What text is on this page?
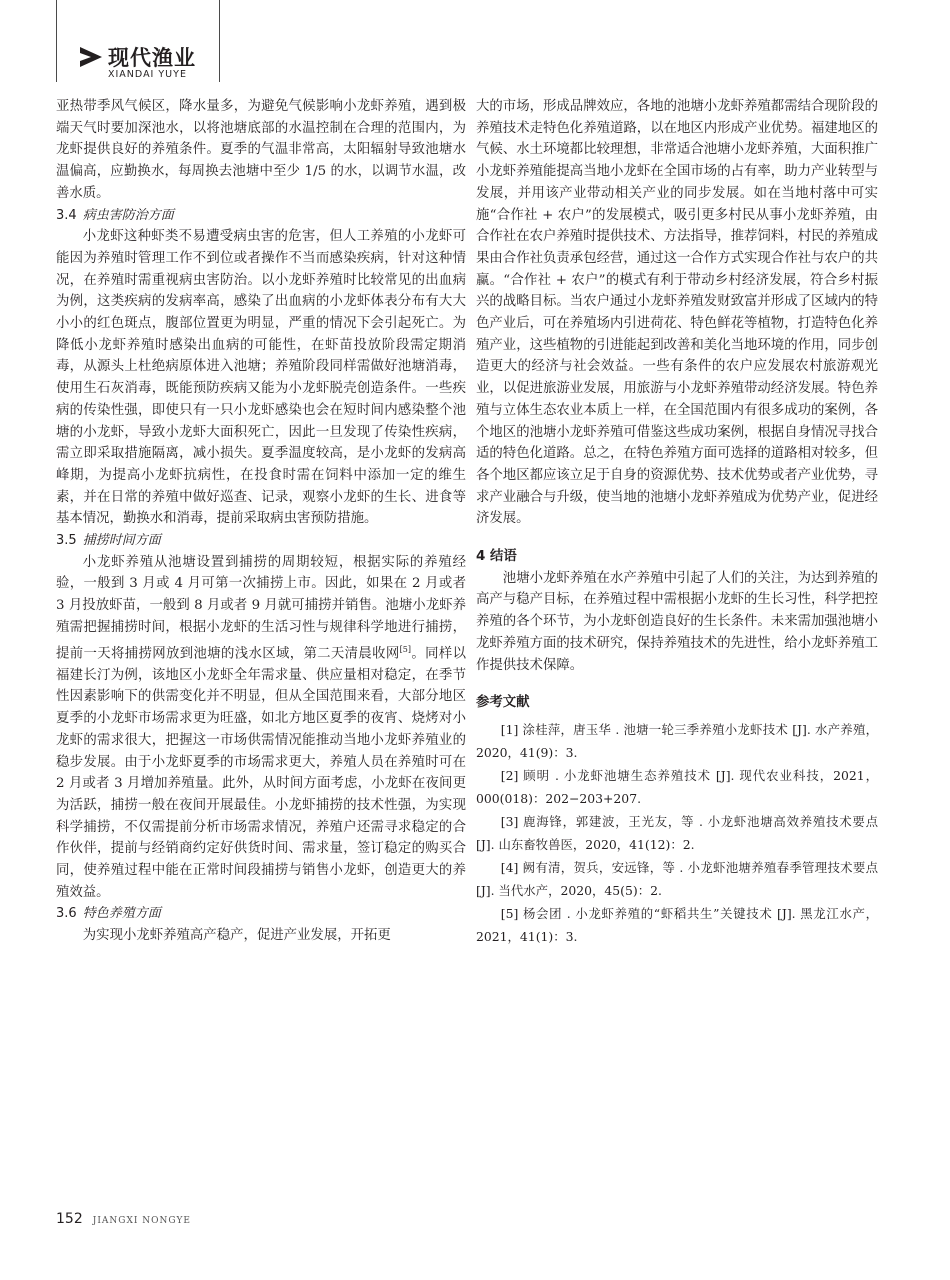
现代渔业
XIANDAI YUYE

亚热带季风气候区，降水量多，为避免气候影响小龙虾养殖，遇到极端天气时要加深池水，以将池塘底部的水温控制在合理的范围内，为龙虾提供良好的养殖条件。夏季的气温非常高，太阳辐射导致池塘水温偏高，应勤换水，每周换去池塘中至少 1/5 的水，以调节水温，改善水质。

3.4 病虫害防治方面

小龙虾这种虾类不易遭受病虫害的危害，但人工养殖的小龙虾可能因为养殖时管理工作不到位或者操作不当而感染疾病，针对这种情况，在养殖时需重视病虫害防治。以小龙虾养殖时比较常见的出血病为例，这类疾病的发病率高，感染了出血病的小龙虾体表分布有大大小小的红色斑点，腹部位置更为明显，严重的情况下会引起死亡。为降低小龙虾养殖时感染出血病的可能性，在虾苗投放阶段需定期消毒，从源头上杜绝病原体进入池塘；养殖阶段同样需做好池塘消毒，使用生石灰消毒，既能预防疾病又能为小龙虾脱壳创造条件。一些疾病的传染性强，即使只有一只小龙虾感染也会在短时间内感染整个池塘的小龙虾，导致小龙虾大面积死亡，因此一旦发现了传染性疾病，需立即采取措施隔离，减小损失。夏季温度较高，是小龙虾的发病高峰期，为提高小龙虾抗病性，在投食时需在饲料中添加一定的维生素，并在日常的养殖中做好巡查、记录，观察小龙虾的生长、进食等基本情况，勤换水和消毒，提前采取病虫害预防措施。

3.5 捕捞时间方面

小龙虾养殖从池塘设置到捕捞的周期较短，根据实际的养殖经验，一般到 3 月或 4 月可第一次捕捞上市。因此，如果在 2 月或者 3 月投放虾苗，一般到 8 月或者 9 月就可捕捞并销售。池塘小龙虾养殖需把握捕捞时间，根据小龙虾的生活习性与规律科学地进行捕捞，提前一天将捕捞网放到池塘的浅水区域，第二天清晨收网[5]。同样以福建长汀为例，该地区小龙虾全年需求量、供应量相对稳定，在季节性因素影响下的供需变化并不明显，但从全国范围来看，大部分地区夏季的小龙虾市场需求更为旺盛，如北方地区夏季的夜宵、烧烤对小龙虾的需求很大，把握这一市场供需情况能推动当地小龙虾养殖业的稳步发展。由于小龙虾夏季的市场需求更大，养殖人员在养殖时可在 2 月或者 3 月增加养殖量。此外，从时间方面考虑，小龙虾在夜间更为活跃，捕捞一般在夜间开展最佳。小龙虾捕捞的技术性强，为实现科学捕捞，不仅需提前分析市场需求情况，养殖户还需寻求稳定的合作伙伴，提前与经销商约定好供货时间、需求量，签订稳定的购买合同，使养殖过程中能在正常时间段捕捞与销售小龙虾，创造更大的养殖效益。

3.6 特色养殖方面

为实现小龙虾养殖高产稳产，促进产业发展，开拓更

大的市场，形成品牌效应，各地的池塘小龙虾养殖都需结合现阶段的养殖技术走特色化养殖道路，以在地区内形成产业优势。福建地区的气候、水土环境都比较理想，非常适合池塘小龙虾养殖，大面积推广小龙虾养殖能提高当地小龙虾在全国市场的占有率，助力产业转型与发展，并用该产业带动相关产业的同步发展。如在当地村落中可实施“合作社 + 农户”的发展模式，吸引更多村民从事小龙虾养殖，由合作社在农户养殖时提供技术、方法指导，推荐饲料，村民的养殖成果由合作社负责承包经营，通过这一合作方式实现合作社与农户的共赢。“合作社 + 农户”的模式有利于带动乡村经济发展，符合乡村振兴的战略目标。当农户通过小龙虾养殖发财致富并形成了区域内的特色产业后，可在养殖场内引进荷花、特色鲜花等植物，打造特色化养殖产业，这些植物的引进能起到改善和美化当地环境的作用，同步创造更大的经济与社会效益。一些有条件的农户应发展农村旅游观光业，以促进旅游业发展，用旅游与小龙虾养殖带动经济发展。特色养殖与立体生态农业本质上一样，在全国范围内有很多成功的案例，各个地区的池塘小龙虾养殖可借鉴这些成功案例，根据自身情况寻找合适的特色化道路。总之，在特色养殖方面可选择的道路相对较多，但各个地区都应该立足于自身的资源优势、技术优势或者产业优势，寻求产业融合与升级，使当地的池塘小龙虾养殖成为优势产业，促进经济发展。

4 结语

池塘小龙虾养殖在水产养殖中引起了人们的关注，为达到养殖的高产与稳产目标，在养殖过程中需根据小龙虾的生长习性，科学把控养殖的各个环节，为小龙虾创造良好的生长条件。未来需加强池塘小龙虾养殖方面的技术研究，保持养殖技术的先进性，给小龙虾养殖工作提供技术保障。

参考文献

[1] 涂桂萍，唐玉华 . 池塘一轮三季养殖小龙虾技术 [J]. 水产养殖，2020，41(9)：3.

[2] 顾明 . 小龙虾池塘生态养殖技术 [J]. 现代农业科技，2021，000(018)：202−203+207.

[3] 鹿海锋，郭建波，王光友，等 . 小龙虾池塘高效养殖技术要点 [J]. 山东畜牧兽医，2020，41(12)：2.

[4] 阙有清，贺兵，安远锋，等 . 小龙虾池塘养殖春季管理技术要点 [J]. 当代水产，2020，45(5)：2.

[5] 杨会团 . 小龙虾养殖的“虾稻共生”关键技术 [J]. 黑龙江水产，2021，41(1)：3.

152 JIANGXI NONGYE
